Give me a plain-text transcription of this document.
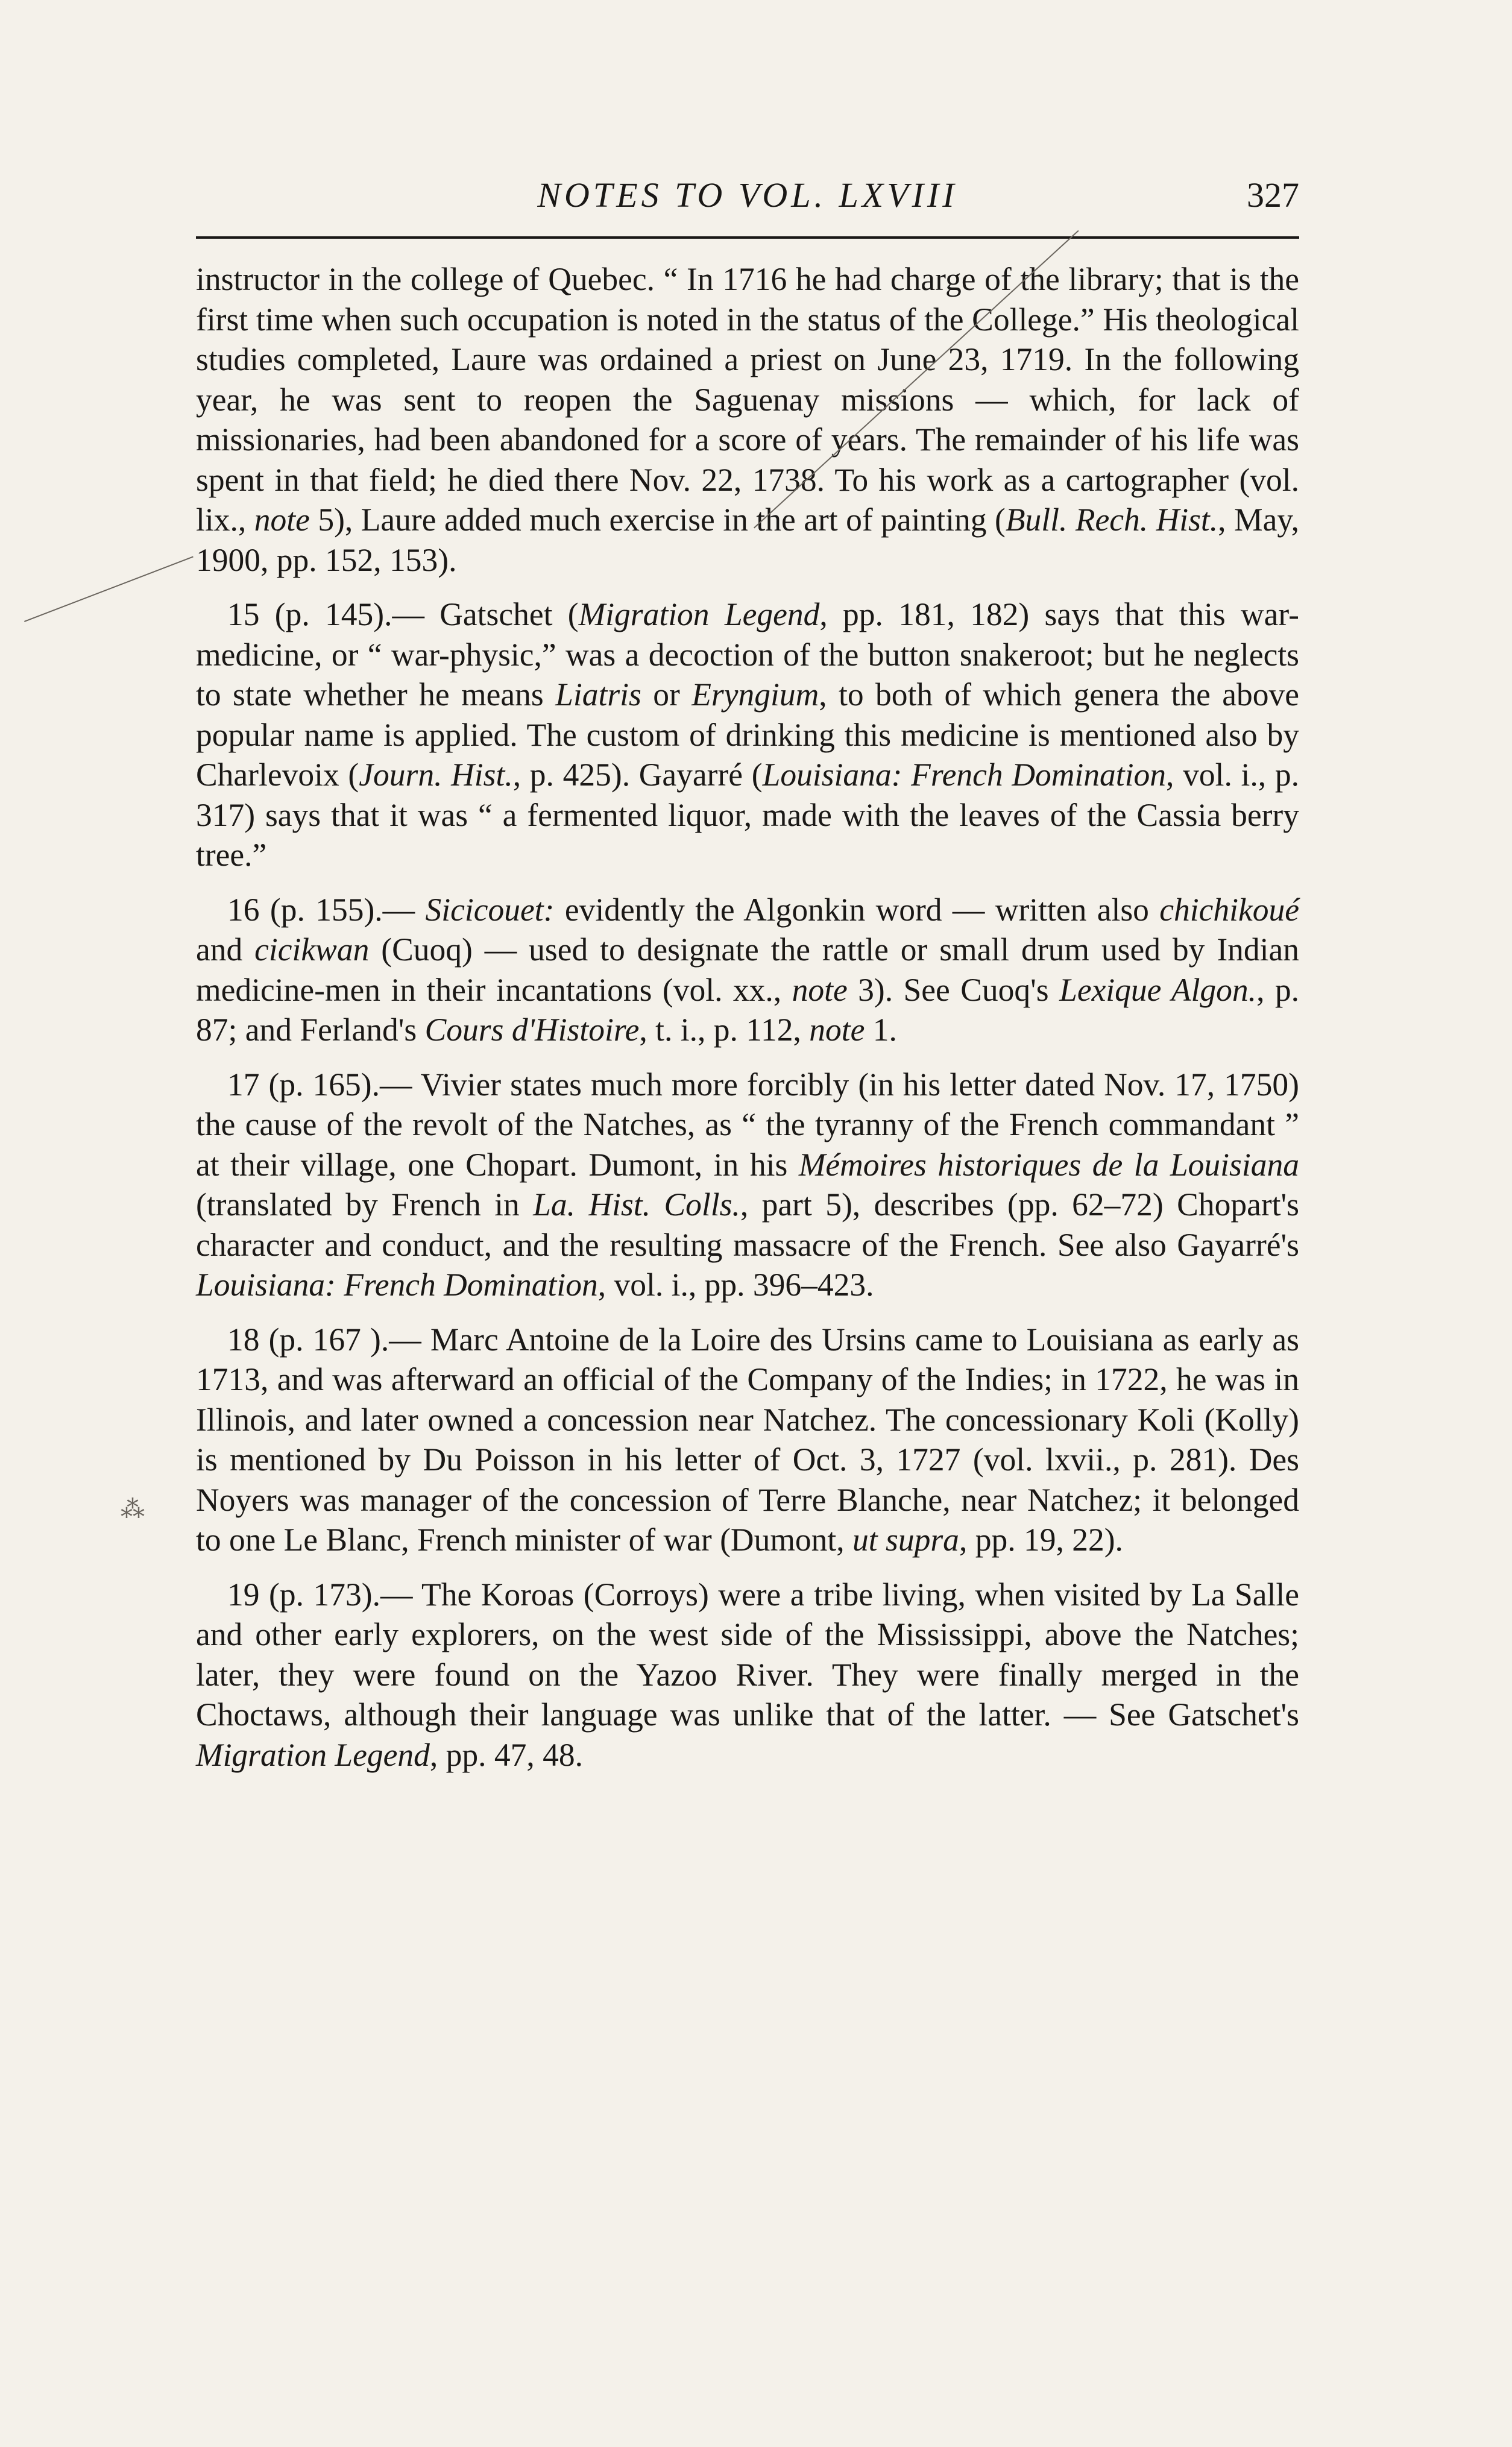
NOTES TO VOL. LXVIII	327

instructor in the college of Quebec. “ In 1716 he had charge of the library; that is the first time when such occupation is noted in the status of the College.” His theological studies completed, Laure was ordained a priest on June 23, 1719. In the following year, he was sent to reopen the Saguenay missions — which, for lack of missionaries, had been abandoned for a score of years. The remainder of his life was spent in that field; he died there Nov. 22, 1738. To his work as a cartographer (vol. lix., note 5), Laure added much exercise in the art of painting (Bull. Rech. Hist., May, 1900, pp. 152, 153).

15 (p. 145).— Gatschet (Migration Legend, pp. 181, 182) says that this war-medicine, or “ war-physic,” was a decoction of the button snakeroot; but he neglects to state whether he means Liatris or Eryngium, to both of which genera the above popular name is applied. The custom of drinking this medicine is mentioned also by Charlevoix (Journ. Hist., p. 425). Gayarré (Louisiana: French Domination, vol. i., p. 317) says that it was “ a fermented liquor, made with the leaves of the Cassia berry tree.”

16 (p. 155).— Sicicouet: evidently the Algonkin word — written also chichikoué and cicikwan (Cuoq) — used to designate the rattle or small drum used by Indian medicine-men in their incantations (vol. xx., note 3). See Cuoq's Lexique Algon., p. 87; and Ferland's Cours d'Histoire, t. i., p. 112, note 1.

17 (p. 165).— Vivier states much more forcibly (in his letter dated Nov. 17, 1750) the cause of the revolt of the Natches, as “ the tyranny of the French commandant ” at their village, one Chopart. Dumont, in his Mémoires historiques de la Louisiana (translated by French in La. Hist. Colls., part 5), describes (pp. 62–72) Chopart's character and conduct, and the resulting massacre of the French. See also Gayarré's Louisiana: French Domination, vol. i., pp. 396–423.

18 (p. 167 ).— Marc Antoine de la Loire des Ursins came to Louisiana as early as 1713, and was afterward an official of the Company of the Indies; in 1722, he was in Illinois, and later owned a concession near Natchez. The concessionary Koli (Kolly) is mentioned by Du Poisson in his letter of Oct. 3, 1727 (vol. lxvii., p. 281). Des Noyers was manager of the concession of Terre Blanche, near Natchez; it belonged to one Le Blanc, French minister of war (Dumont, ut supra, pp. 19, 22).

19 (p. 173).— The Koroas (Corroys) were a tribe living, when visited by La Salle and other early explorers, on the west side of the Mississippi, above the Natches; later, they were found on the Yazoo River. They were finally merged in the Choctaws, although their language was unlike that of the latter. — See Gatschet's Migration Legend, pp. 47, 48.

⁂
